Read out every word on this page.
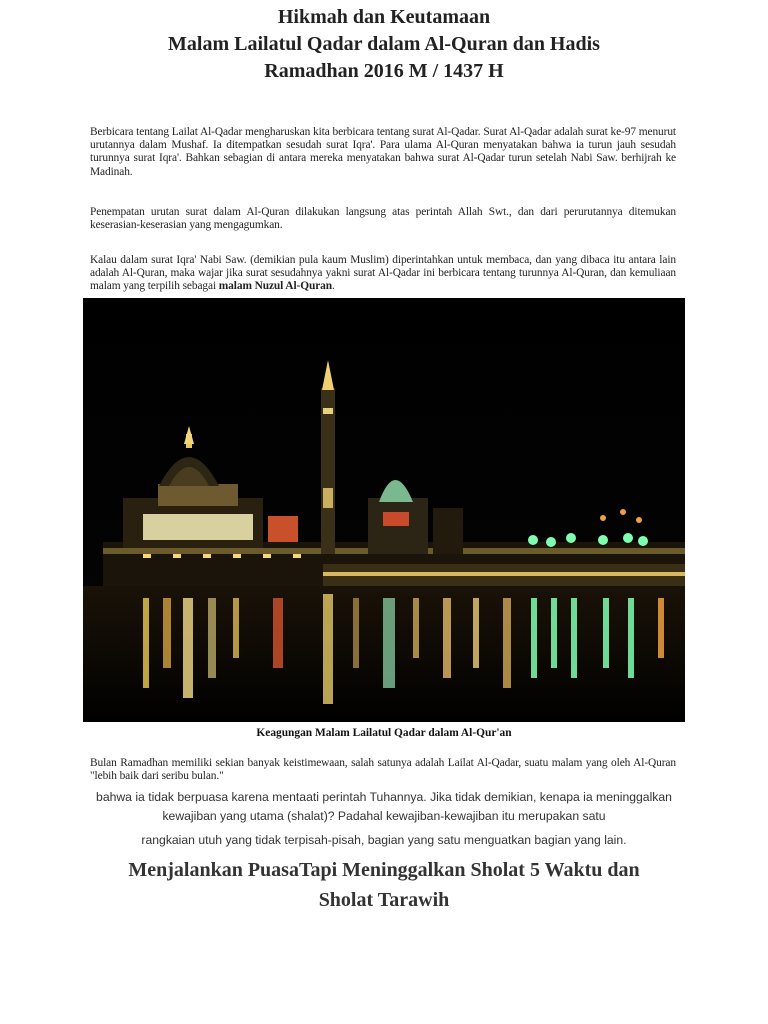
Hikmah dan Keutamaan
Malam Lailatul Qadar dalam Al-Quran dan Hadis
Ramadhan 2016 M / 1437 H
Berbicara tentang Lailat Al-Qadar mengharuskan kita berbicara tentang surat Al-Qadar. Surat Al-Qadar adalah surat ke-97 menurut urutannya dalam Mushaf. Ia ditempatkan sesudah surat Iqra'. Para ulama Al-Quran menyatakan bahwa ia turun jauh sesudah turunnya surat Iqra'. Bahkan sebagian di antara mereka menyatakan bahwa surat Al-Qadar turun setelah Nabi Saw. berhijrah ke Madinah.
Penempatan urutan surat dalam Al-Quran dilakukan langsung atas perintah Allah Swt., dan dari perurutannya ditemukan keserasian-keserasian yang mengagumkan.
Kalau dalam surat Iqra' Nabi Saw. (demikian pula kaum Muslim) diperintahkan untuk membaca, dan yang dibaca itu antara lain adalah Al-Quran, maka wajar jika surat sesudahnya yakni surat Al-Qadar ini berbicara tentang turunnya Al-Quran, dan kemuliaan malam yang terpilih sebagai malam Nuzul Al-Quran.
Keagungan Malam Lailatul Qadar dalam Al-Qur'an
Bulan Ramadhan memiliki sekian banyak keistimewaan, salah satunya adalah Lailat Al-Qadar, suatu malam yang oleh Al-Quran "lebih baik dari seribu bulan."
bahwa ia tidak berpuasa karena mentaati perintah Tuhannya. Jika tidak demikian, kenapa ia meninggalkan kewajiban yang utama (shalat)? Padahal kewajiban-kewajiban itu merupakan satu
rangkaian utuh yang tidak terpisah-pisah, bagian yang satu menguatkan bagian yang lain.
Menjalankan PuasaTapi Meninggalkan Sholat 5 Waktu dan
Sholat Tarawih
